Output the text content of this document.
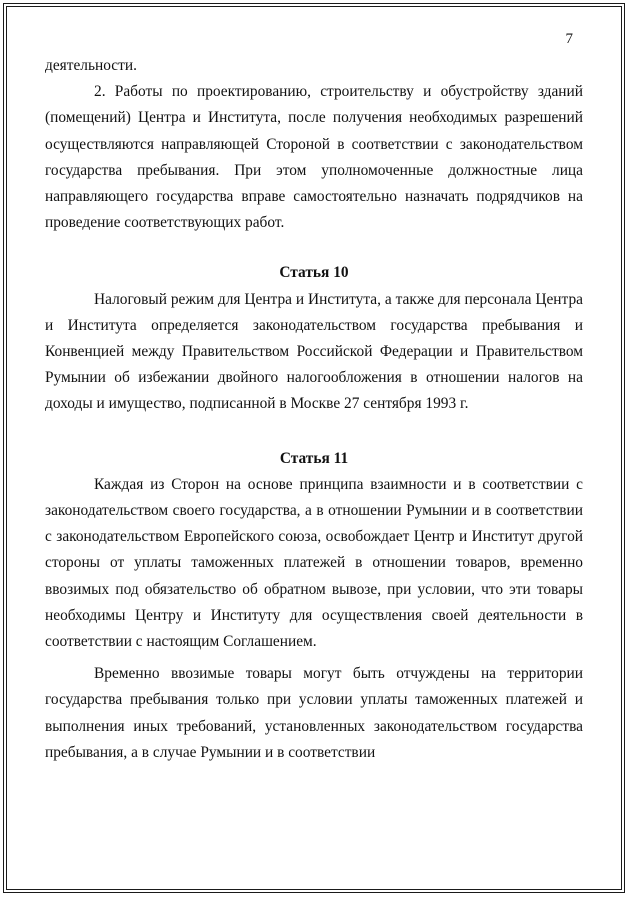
7

деятельности.

2. Работы по проектированию, строительству и обустройству зданий (помещений) Центра и Института, после получения необходимых разрешений осуществляются направляющей Стороной в соответствии с законодательством государства пребывания. При этом уполномоченные должностные лица направляющего государства вправе самостоятельно назначать подрядчиков на проведение соответствующих работ.

Статья 10

Налоговый режим для Центра и Института, а также для персонала Центра и Института определяется законодательством государства пребывания и Конвенцией между Правительством Российской Федерации и Правительством Румынии об избежании двойного налогообложения в отношении налогов на доходы и имущество, подписанной в Москве 27 сентября 1993 г.

Статья 11

Каждая из Сторон на основе принципа взаимности и в соответствии с законодательством своего государства, а в отношении Румынии и в соответствии с законодательством Европейского союза, освобождает Центр и Институт другой стороны от уплаты таможенных платежей в отношении товаров, временно ввозимых под обязательство об обратном вывозе, при условии, что эти товары необходимы Центру и Институту для осуществления своей деятельности в соответствии с настоящим Соглашением.

Временно ввозимые товары могут быть отчуждены на территории государства пребывания только при условии уплаты таможенных платежей и выполнения иных требований, установленных законодательством государства пребывания, а в случае Румынии и в соответствии
